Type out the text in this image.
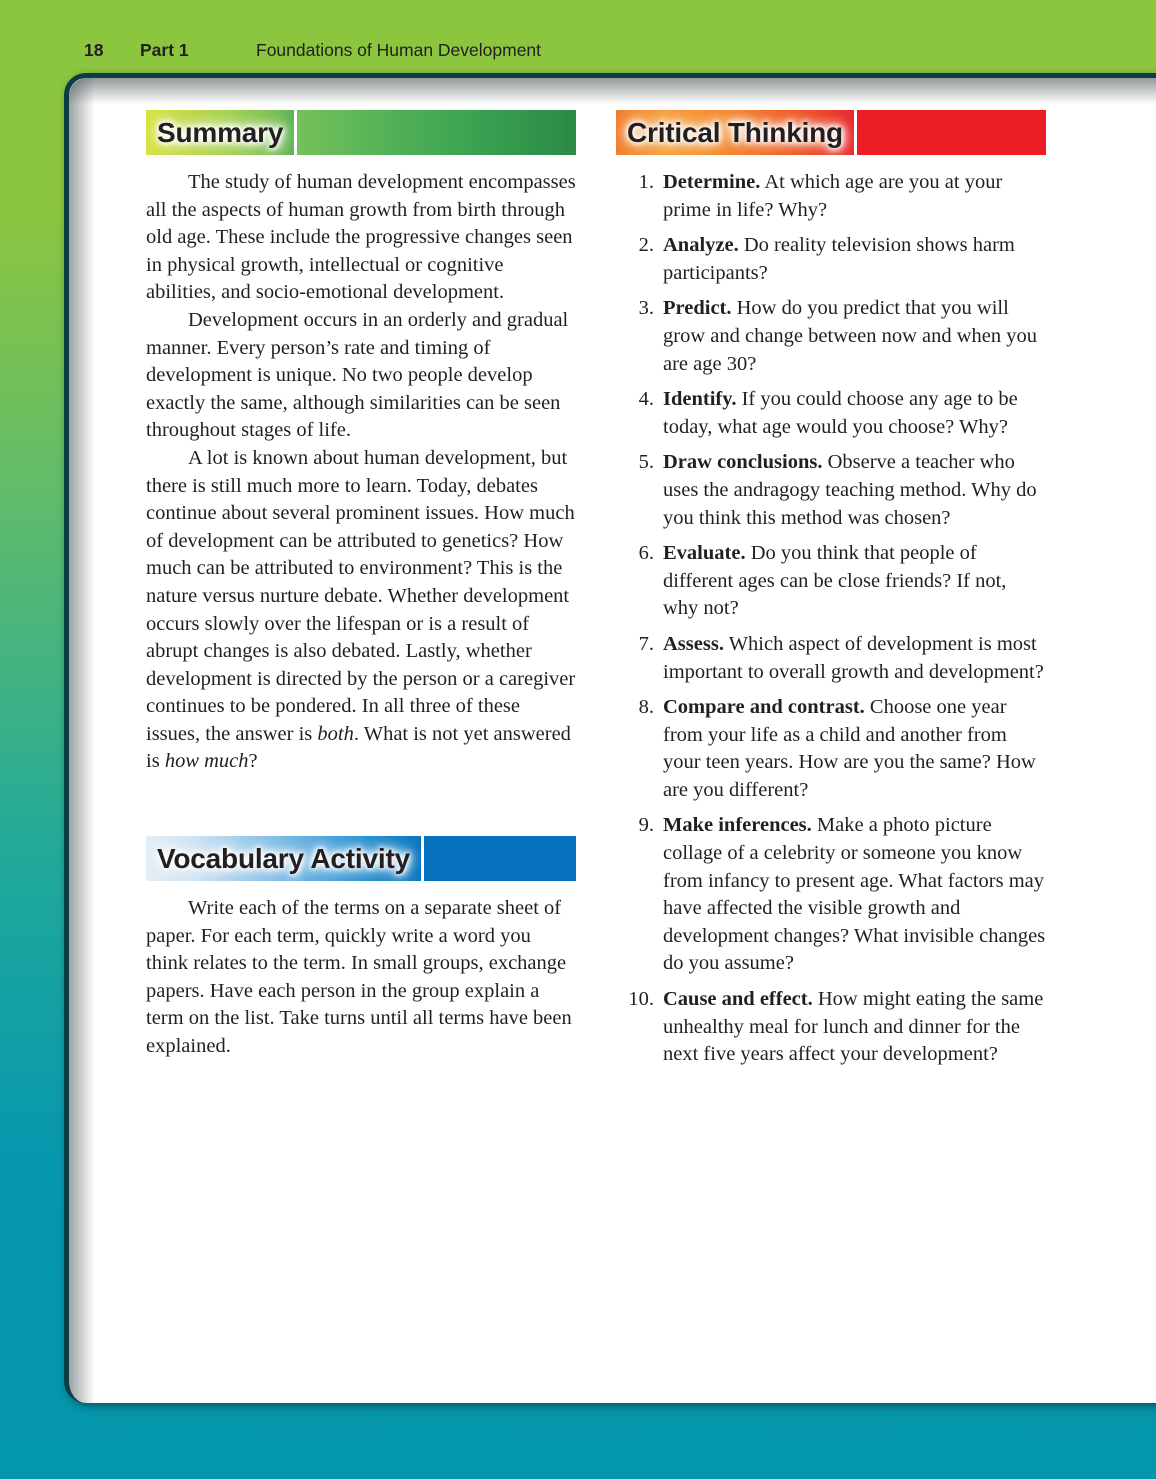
18 Part 1	Foundations of Human Development
Summary

The study of human development encompasses all the aspects of human growth from birth through old age. These include the progressive changes seen in physical growth, intellectual or cognitive abilities, and socio-emotional development.

Development occurs in an orderly and gradual manner. Every person’s rate and timing of development is unique. No two people develop exactly the same, although similarities can be seen throughout stages of life.

A lot is known about human development, but there is still much more to learn. Today, debates continue about several prominent issues. How much of development can be attributed to genetics? How much can be attributed to environment? This is the nature versus nurture debate. Whether development occurs slowly over the lifespan or is a result of abrupt changes is also debated. Lastly, whether development is directed by the person or a caregiver continues to be pondered. In all three of these issues, the answer is both. What is not yet answered is how much?

Vocabulary Activity

Write each of the terms on a separate sheet of paper. For each term, quickly write a word you think relates to the term. In small groups, exchange papers. Have each person in the group explain a term on the list. Take turns until all terms have been explained.

Critical Thinking
1. Determine. At which age are you at your prime in life? Why?
2. Analyze. Do reality television shows harm participants?
3. Predict. How do you predict that you will grow and change between now and when you are age 30?
4. Identify. If you could choose any age to be today, what age would you choose? Why?
5. Draw conclusions. Observe a teacher who uses the andragogy teaching method. Why do you think this method was chosen?
6. Evaluate. Do you think that people of different ages can be close friends? If not, why not?
7. Assess. Which aspect of development is most important to overall growth and development?
8. Compare and contrast. Choose one year from your life as a child and another from your teen years. How are you the same? How are you different?
9. Make inferences. Make a photo picture collage of a celebrity or someone you know from infancy to present age. What factors may have affected the visible growth and development changes? What invisible changes do you assume?
10. Cause and effect. How might eating the same unhealthy meal for lunch and dinner for the next five years affect your development?
